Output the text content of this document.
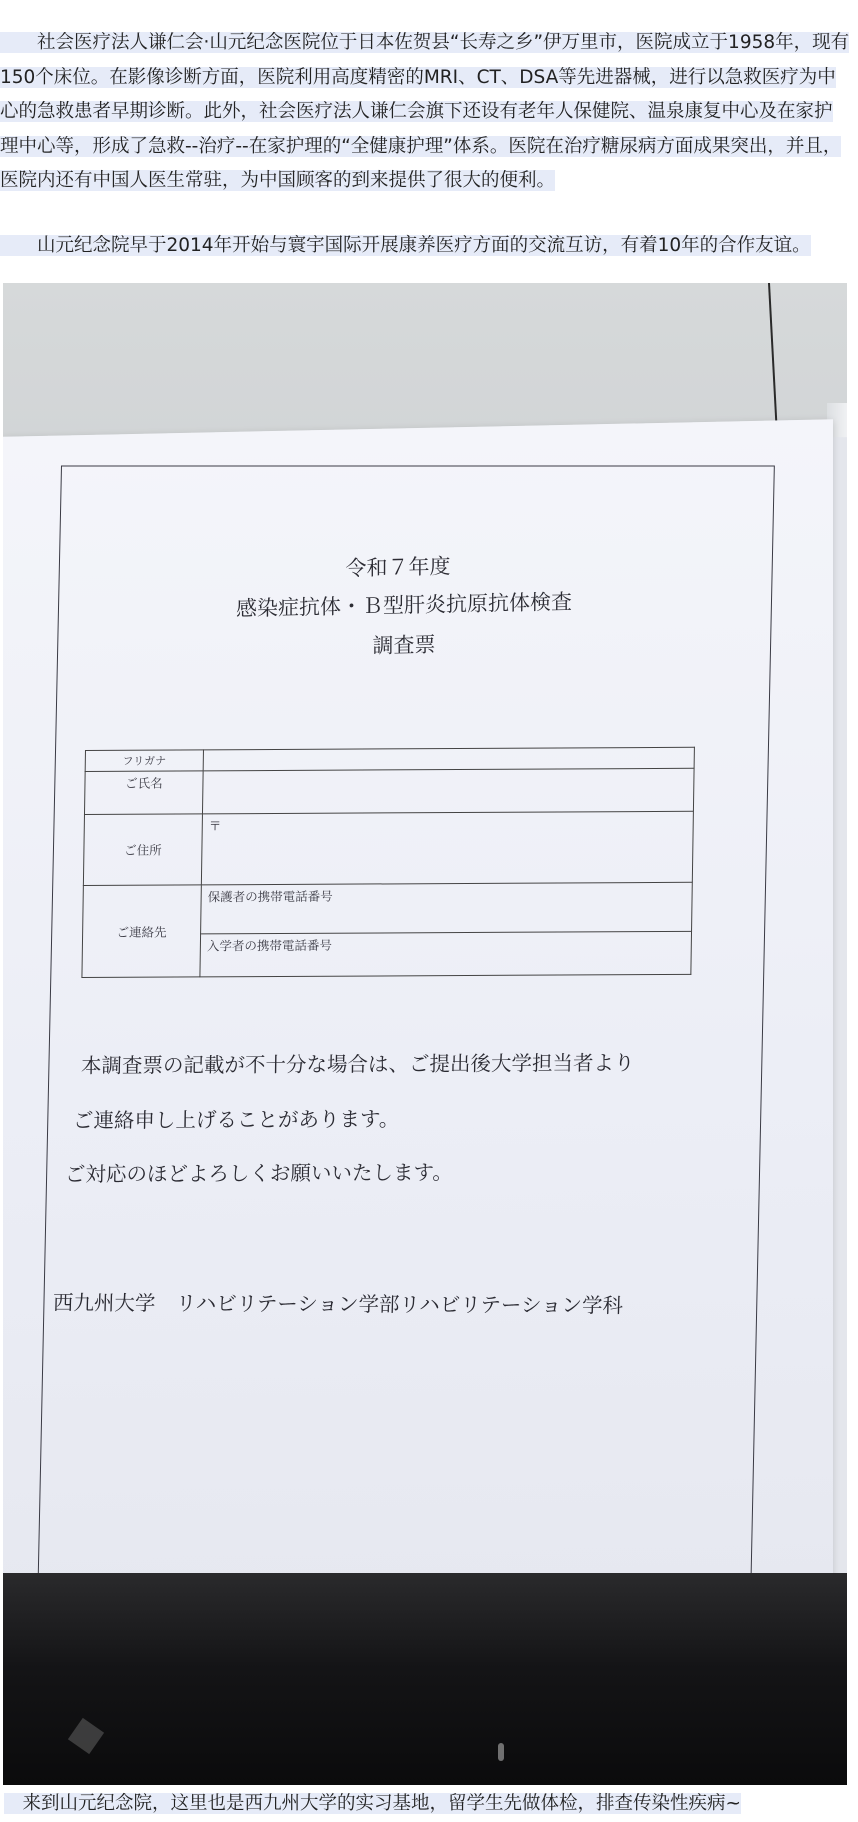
　　社会医疗法人谦仁会·山元纪念医院位于日本佐贺县“长寿之乡”伊万里市，医院成立于1958年，现有150个床位。在影像诊断方面，医院利用高度精密的MRI、CT、DSA等先进器械，进行以急救医疗为中心的急救患者早期诊断。此外，社会医疗法人谦仁会旗下还设有老年人保健院、温泉康复中心及在家护理中心等，形成了急救--治疗--在家护理的“全健康护理”体系。医院在治疗糖尿病方面成果突出，并且，医院内还有中国人医生常驻，为中国顾客的到来提供了很大的便利。

　　山元纪念院早于2014年开始与寰宇国际开展康养医疗方面的交流互访，有着10年的合作友谊。

令和７年度
感染症抗体・Ｂ型肝炎抗原抗体検査
調査票
フリガナ	
ご氏名	
ご住所	〒
ご連絡先	保護者の携帯電話番号
	入学者の携帯電話番号
本調査票の記載が不十分な場合は、ご提出後大学担当者より
ご連絡申し上げることがあります。
ご対応のほどよろしくお願いいたします。
西九州大学　リハビリテーション学部リハビリテーション学科

　来到山元纪念院，这里也是西九州大学的实习基地，留学生先做体检，排查传染性疾病~
